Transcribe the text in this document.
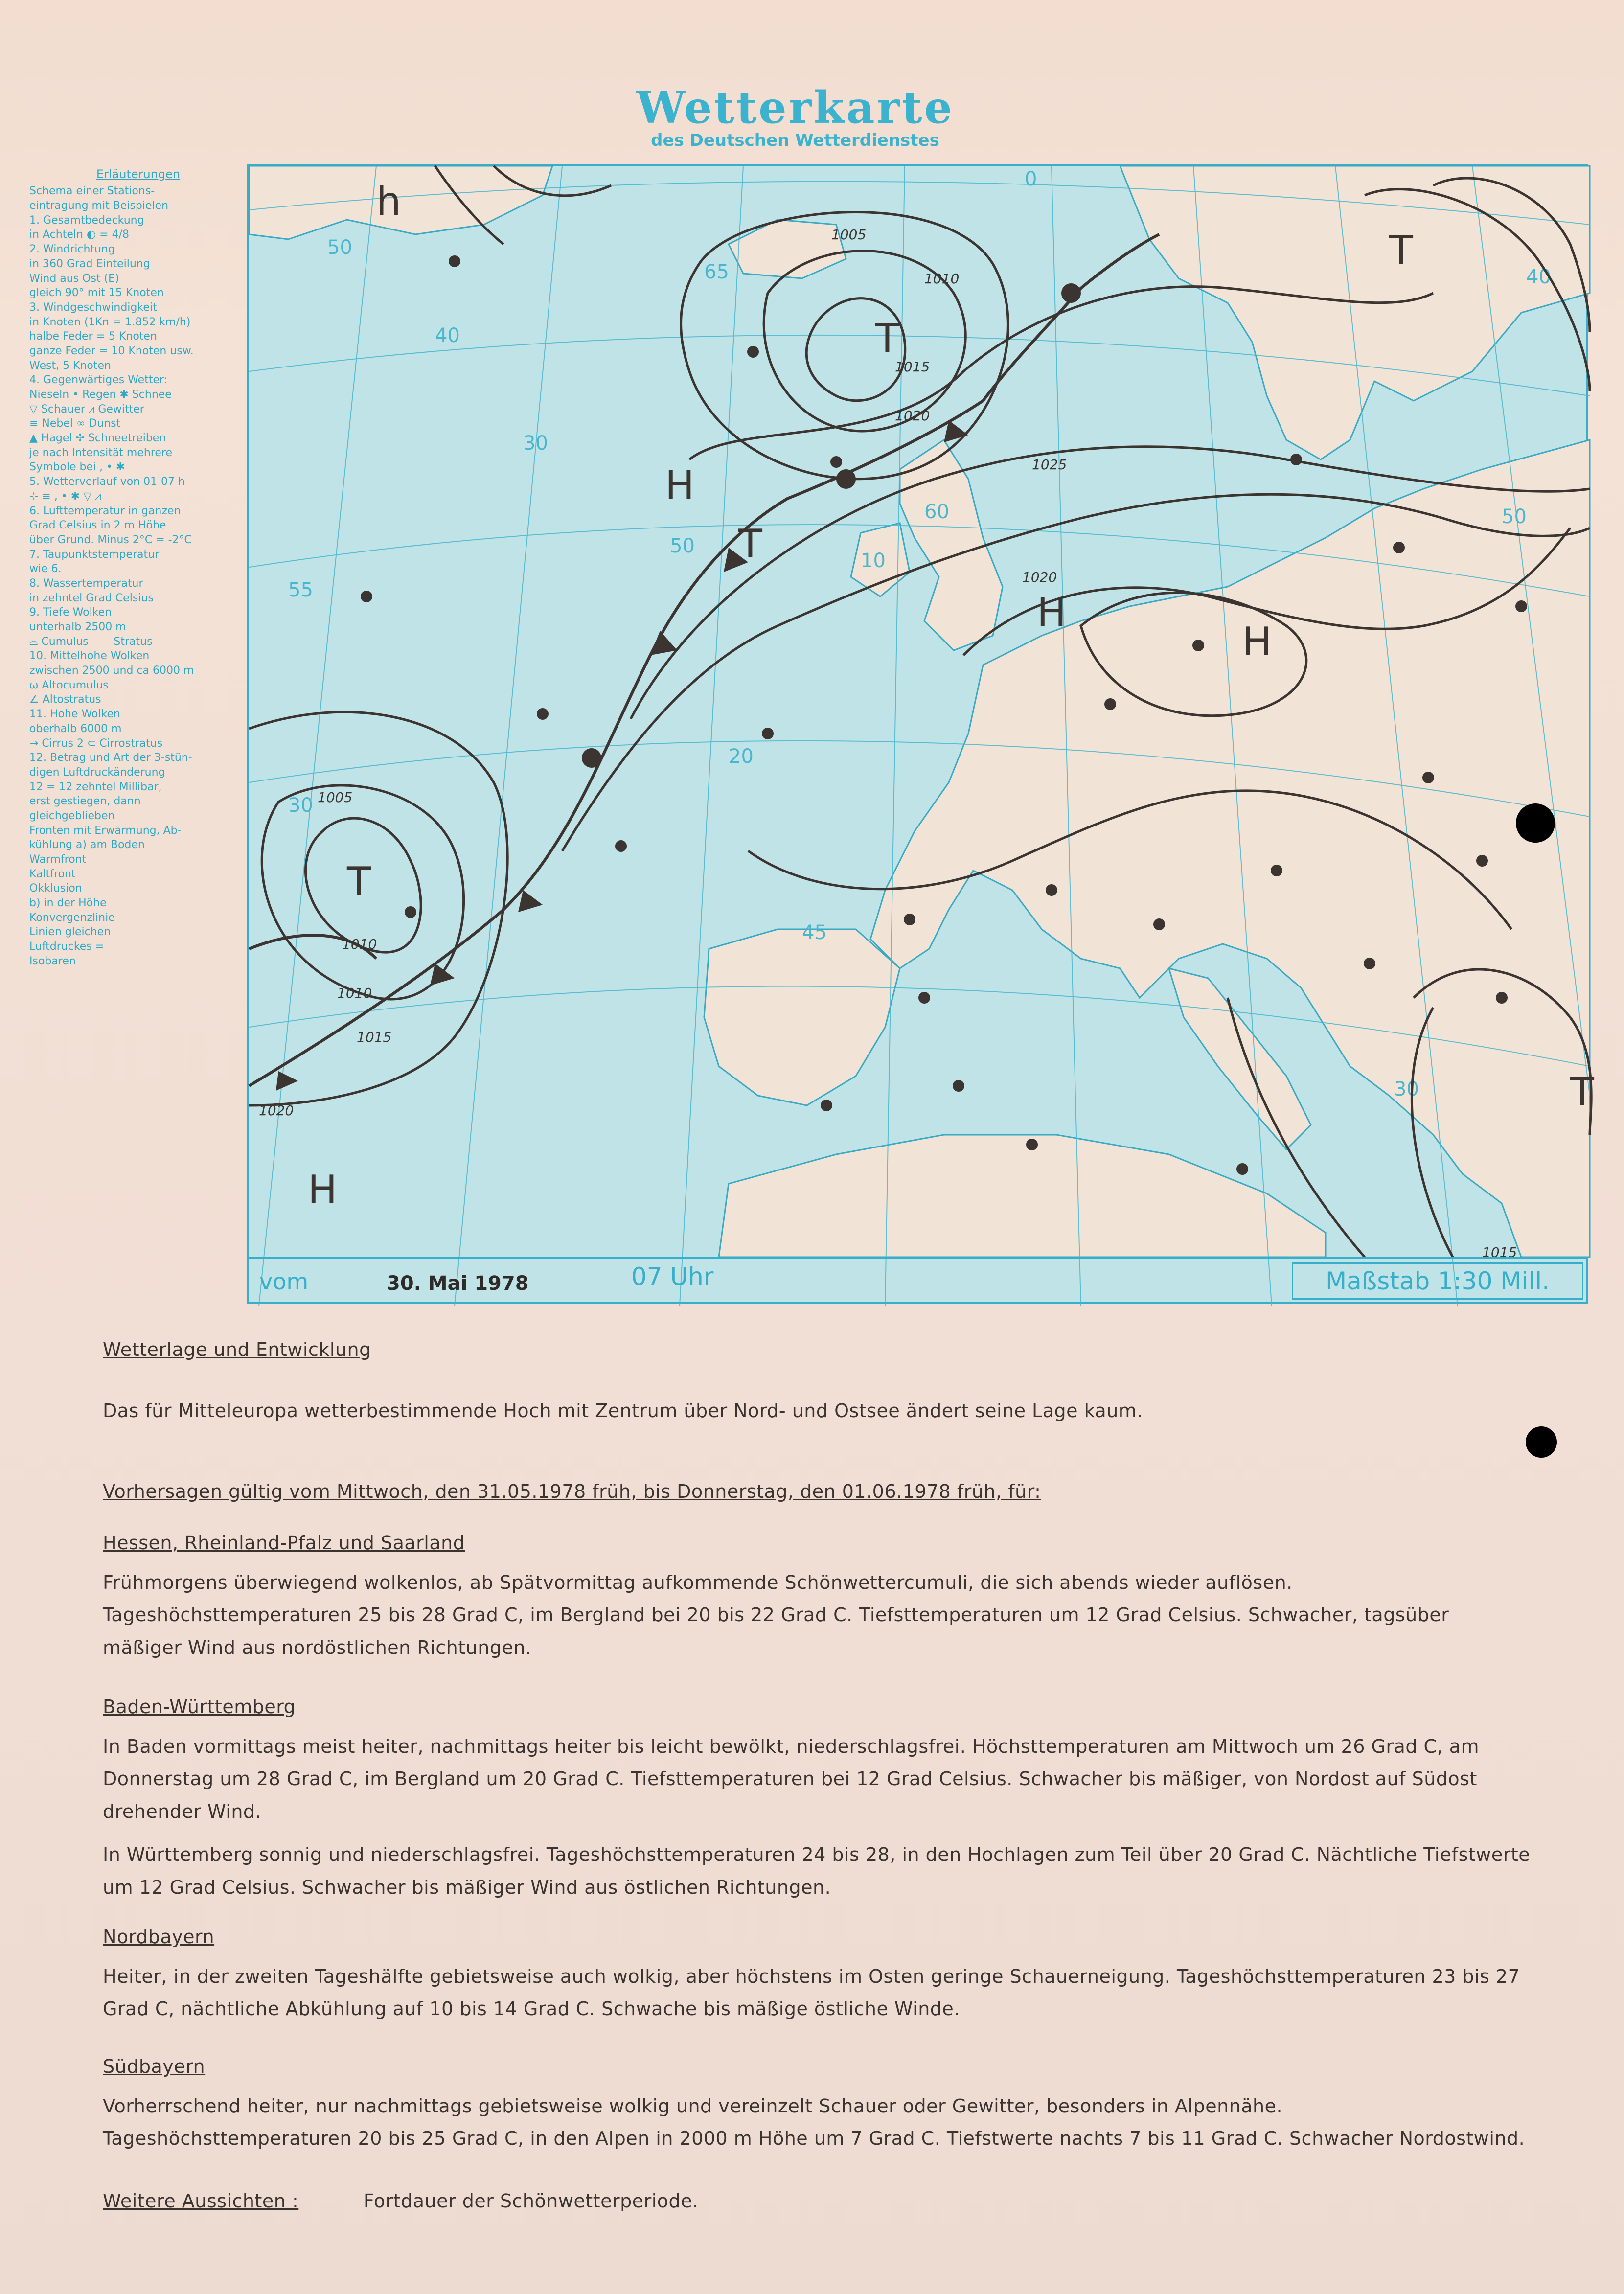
Wetterkarte
des Deutschen Wetterdienstes
Erläuterungen
Schema einer Stations-
eintragung mit Beispielen
1. Gesamtbedeckung
in Achteln ◐ = 4/8
2. Windrichtung
in 360 Grad Einteilung
Wind aus Ost (E)
gleich 90° mit 15 Knoten
3. Windgeschwindigkeit
in Knoten (1Kn = 1.852 km/h)
halbe Feder = 5 Knoten
ganze Feder = 10 Knoten usw.
West, 5 Knoten
4. Gegenwärtiges Wetter:
Nieseln • Regen ✱ Schnee
▽ Schauer ⩘ Gewitter
≡ Nebel ∞ Dunst
▲ Hagel ✢ Schneetreiben
je nach Intensität mehrere
Symbole bei , • ✱
5. Wetterverlauf von 01-07 h
⊹ ≡ , • ✱ ▽ ⩘
6. Lufttemperatur in ganzen
Grad Celsius in 2 m Höhe
über Grund. Minus 2°C = -2°C
7. Taupunktstemperatur
wie 6.
8. Wassertemperatur
in zehntel Grad Celsius
9. Tiefe Wolken
unterhalb 2500 m
⌓ Cumulus - - - Stratus
10. Mittelhohe Wolken
zwischen 2500 und ca 6000 m
ω Altocumulus
∠ Altostratus
11. Hohe Wolken
oberhalb 6000 m
→ Cirrus 2 ⊂ Cirrostratus
12. Betrag und Art der 3-stün-
digen Luftdruckänderung
12 = 12 zehntel Millibar,
erst gestiegen, dann
gleichgeblieben
Fronten mit Erwärmung, Ab-
kühlung a) am Boden
Warmfront
Kaltfront
Okklusion
b) in der Höhe
Konvergenzlinie
Linien gleichen
Luftdruckes =
Isobaren
50
40
30
30
45
50
55
65
0
10
20
60
40
30
50
H
H
H
H
T
T
T
T
T
h
1010
1005
1010
1015
1020
1025
1020
1015
1010
1005
1020
1015
vom	30. Mai 1978	07 Uhr	Maßstab 1:30 Mill.
Wetterlage und Entwicklung
Das für Mitteleuropa wetterbestimmende Hoch mit Zentrum über Nord- und Ostsee ändert seine Lage kaum.
Vorhersagen gültig vom Mittwoch, den 31.05.1978 früh, bis Donnerstag, den 01.06.1978 früh, für:
Hessen, Rheinland-Pfalz und Saarland
Frühmorgens überwiegend wolkenlos, ab Spätvormittag aufkommende Schönwettercumuli, die sich abends wieder auflösen. Tageshöchsttemperaturen 25 bis 28 Grad C, im Bergland bei 20 bis 22 Grad C. Tiefsttemperaturen um 12 Grad Celsius. Schwacher, tagsüber mäßiger Wind aus nordöstlichen Richtungen.
Baden-Württemberg
In Baden vormittags meist heiter, nachmittags heiter bis leicht bewölkt, niederschlagsfrei. Höchsttemperaturen am Mittwoch um 26 Grad C, am Donnerstag um 28 Grad C, im Bergland um 20 Grad C. Tiefsttemperaturen bei 12 Grad Celsius. Schwacher bis mäßiger, von Nordost auf Südost drehender Wind.
In Württemberg sonnig und niederschlagsfrei. Tageshöchsttemperaturen 24 bis 28, in den Hochlagen zum Teil über 20 Grad C. Nächtliche Tiefstwerte um 12 Grad Celsius. Schwacher bis mäßiger Wind aus östlichen Richtungen.
Nordbayern
Heiter, in der zweiten Tageshälfte gebietsweise auch wolkig, aber höchstens im Osten geringe Schauerneigung. Tageshöchsttemperaturen 23 bis 27 Grad C, nächtliche Abkühlung auf 10 bis 14 Grad C. Schwache bis mäßige östliche Winde.
Südbayern
Vorherrschend heiter, nur nachmittags gebietsweise wolkig und vereinzelt Schauer oder Gewitter, besonders in Alpennähe. Tageshöchsttemperaturen 20 bis 25 Grad C, in den Alpen in 2000 m Höhe um 7 Grad C. Tiefstwerte nachts 7 bis 11 Grad C. Schwacher Nordostwind.
Weitere Aussichten :	Fortdauer der Schönwetterperiode.
